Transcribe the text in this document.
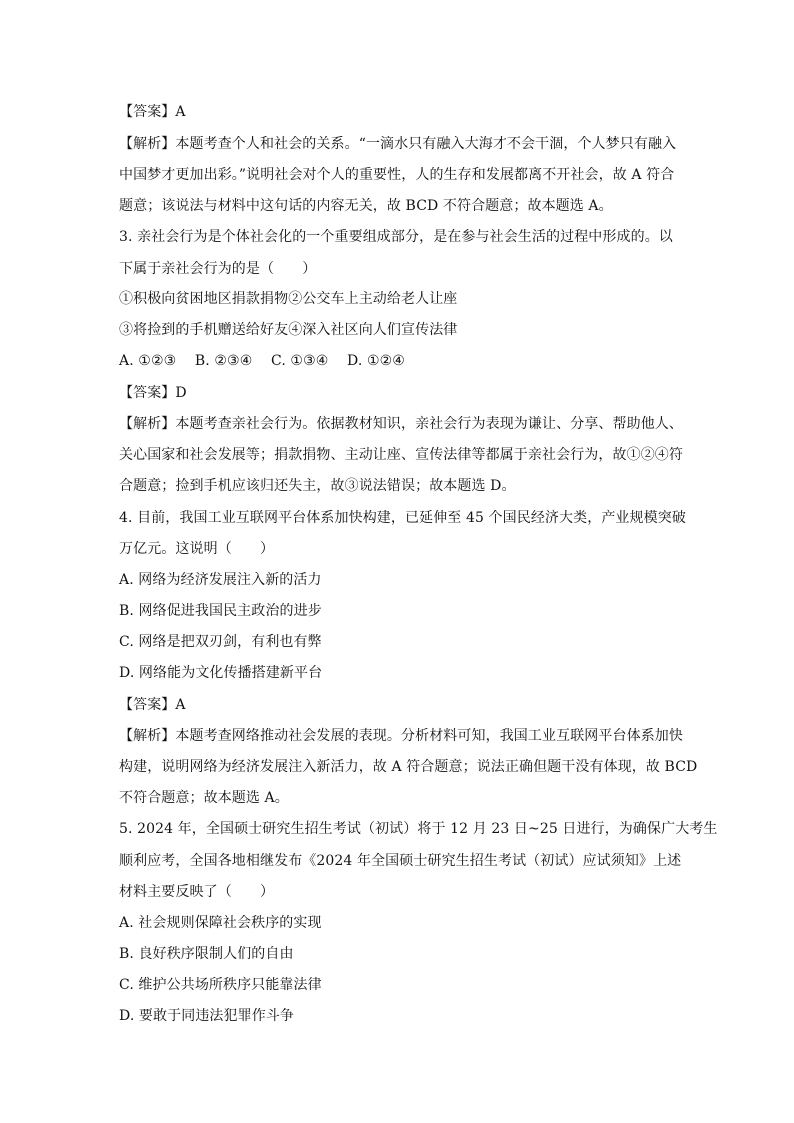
【答案】A
【解析】本题考查个人和社会的关系。“一滴水只有融入大海才不会干涸，个人梦只有融入
中国梦才更加出彩。”说明社会对个人的重要性，人的生存和发展都离不开社会，故 A 符合
题意；该说法与材料中这句话的内容无关，故 BCD 不符合题意；故本题选 A。
3. 亲社会行为是个体社会化的一个重要组成部分，是在参与社会生活的过程中形成的。以
下属于亲社会行为的是（　　）
①积极向贫困地区捐款捐物②公交车上主动给老人让座
③将捡到的手机赠送给好友④深入社区向人们宣传法律
A. ①②③　 B. ②③④　 C. ①③④　 D. ①②④
【答案】D
【解析】本题考查亲社会行为。依据教材知识，亲社会行为表现为谦让、分享、帮助他人、
关心国家和社会发展等；捐款捐物、主动让座、宣传法律等都属于亲社会行为，故①②④符
合题意；捡到手机应该归还失主，故③说法错误；故本题选 D。
4. 目前，我国工业互联网平台体系加快构建，已延伸至 45 个国民经济大类，产业规模突破
万亿元。这说明（　　）
A. 网络为经济发展注入新的活力
B. 网络促进我国民主政治的进步
C. 网络是把双刃剑，有利也有弊
D. 网络能为文化传播搭建新平台
【答案】A
【解析】本题考查网络推动社会发展的表现。分析材料可知，我国工业互联网平台体系加快
构建，说明网络为经济发展注入新活力，故 A 符合题意；说法正确但题干没有体现，故 BCD
不符合题意；故本题选 A。
5. 2024 年，全国硕士研究生招生考试（初试）将于 12 月 23 日~25 日进行，为确保广大考生
顺利应考，全国各地相继发布《2024 年全国硕士研究生招生考试（初试）应试须知》上述
材料主要反映了（　　）
A. 社会规则保障社会秩序的实现
B. 良好秩序限制人们的自由
C. 维护公共场所秩序只能靠法律
D. 要敢于同违法犯罪作斗争
